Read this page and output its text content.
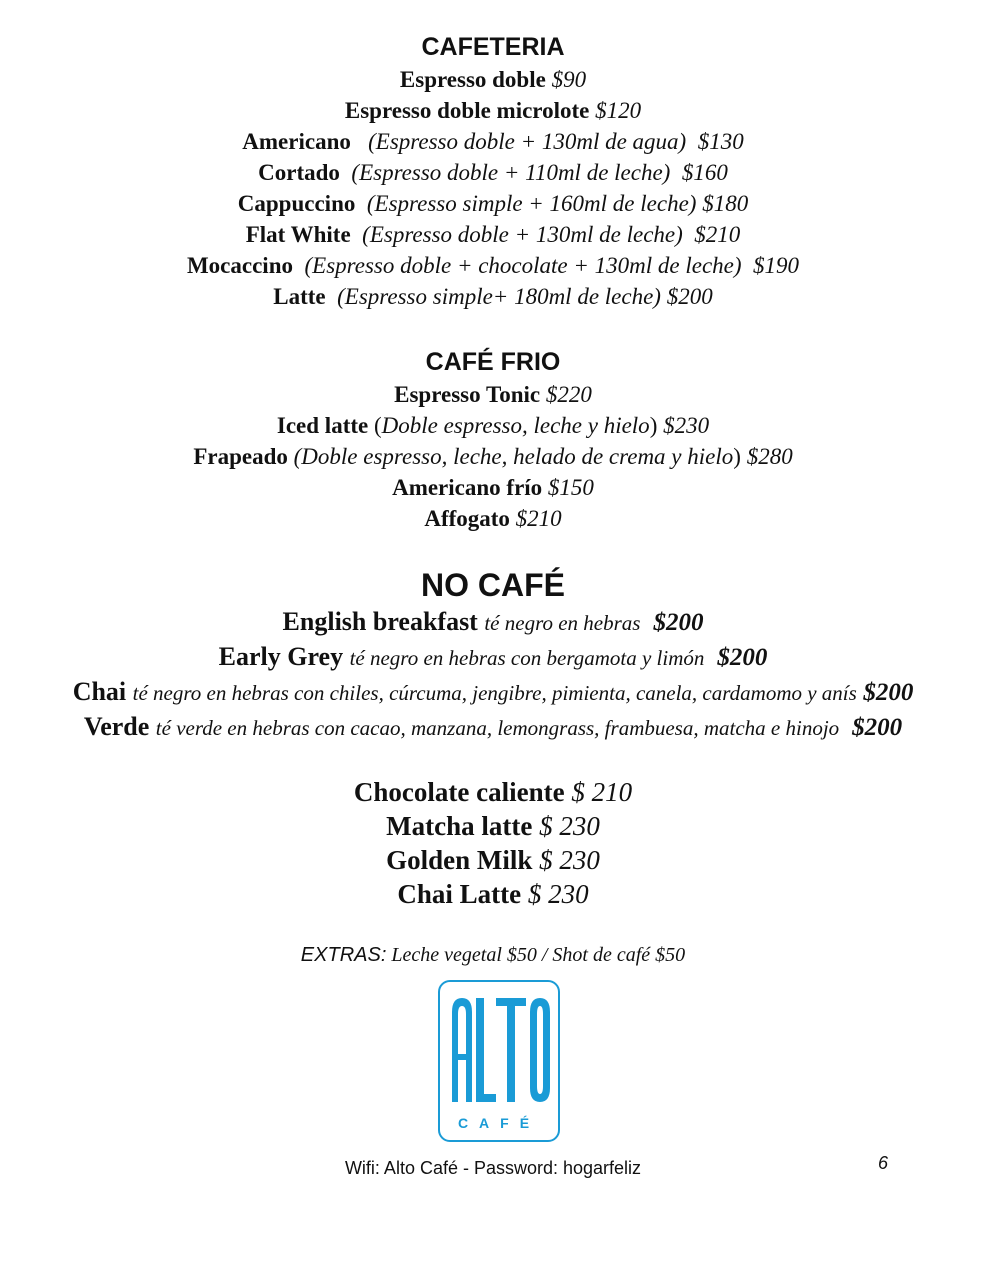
CAFETERIA

Espresso doble $90

Espresso doble microlote $120

Americano (Espresso doble + 130ml de agua) $130

Cortado (Espresso doble + 110ml de leche) $160

Cappuccino (Espresso simple + 160ml de leche) $180

Flat White (Espresso doble + 130ml de leche) $210

Mocaccino (Espresso doble + chocolate + 130ml de leche) $190

Latte (Espresso simple+ 180ml de leche) $200

CAFÉ FRIO

Espresso Tonic $220

Iced latte (Doble espresso, leche y hielo) $230

Frapeado (Doble espresso, leche, helado de crema y hielo) $280

Americano frío $150

Affogato $210

NO CAFÉ

English breakfast té negro en hebras $200

Early Grey té negro en hebras con bergamota y limón $200

Chai té negro en hebras con chiles, cúrcuma, jengibre, pimienta, canela, cardamomo y anís $200

Verde té verde en hebras con cacao, manzana, lemongrass, frambuesa, matcha e hinojo $200

Chocolate caliente $ 210

Matcha latte $ 230

Golden Milk $ 230

Chai Latte $ 230

EXTRAS: Leche vegetal $50 / Shot de café $50
CAFÉ
Wifi: Alto Café - Password: hogarfeliz	6
